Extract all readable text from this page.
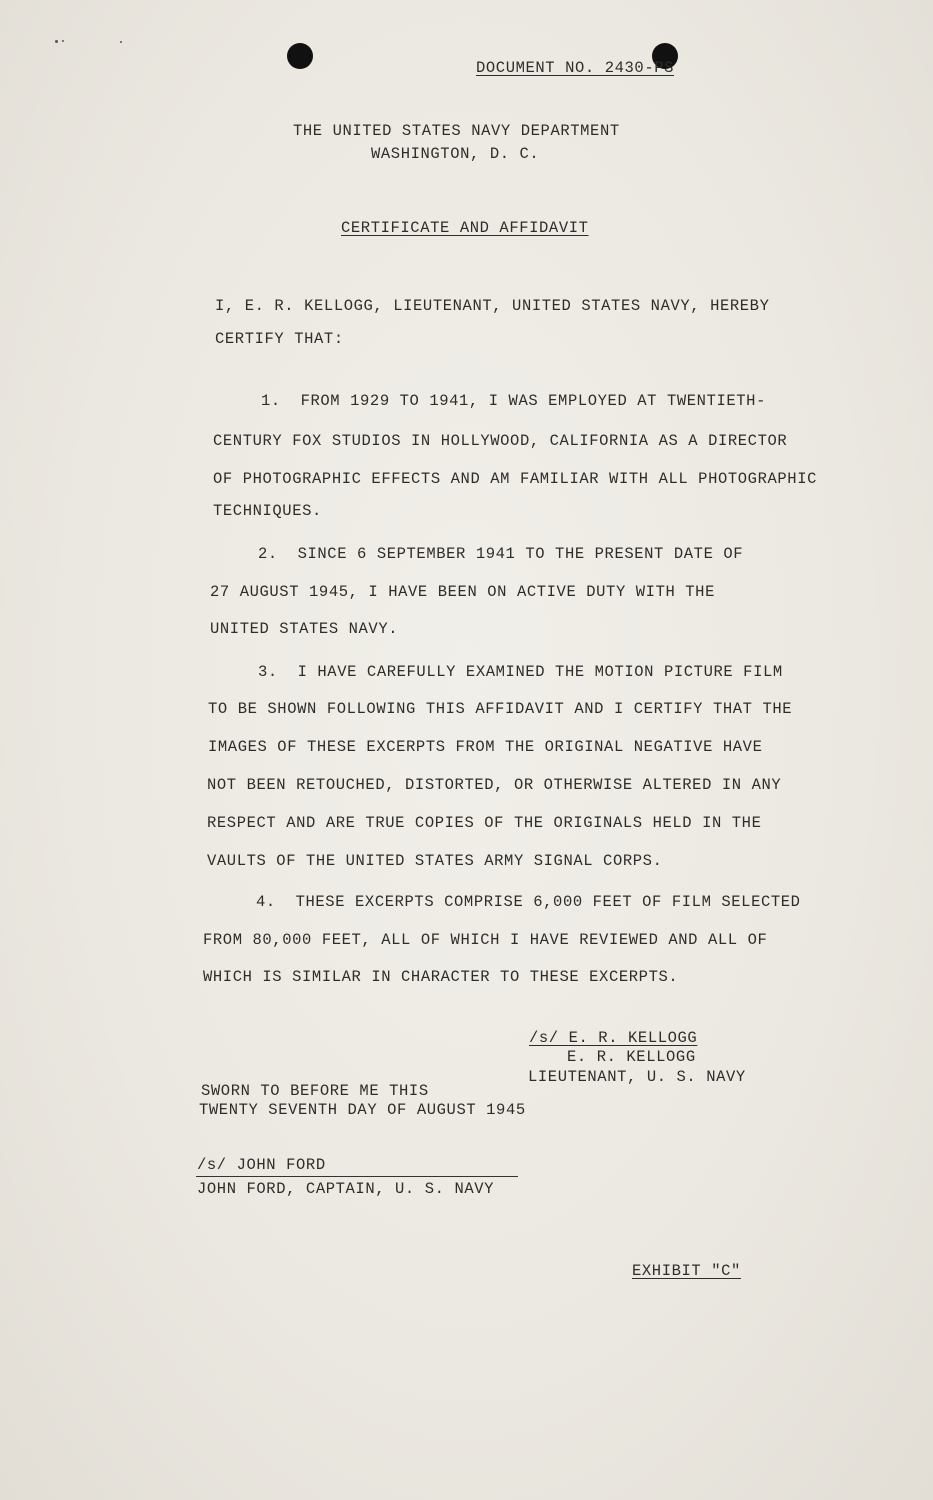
DOCUMENT NO. 2430-PS
THE UNITED STATES NAVY DEPARTMENT
WASHINGTON, D. C.
CERTIFICATE AND AFFIDAVIT
I, E. R. KELLOGG, LIEUTENANT, UNITED STATES NAVY, HEREBY
CERTIFY THAT:
1.  FROM 1929 TO 1941, I WAS EMPLOYED AT TWENTIETH-
CENTURY FOX STUDIOS IN HOLLYWOOD, CALIFORNIA AS A DIRECTOR
OF PHOTOGRAPHIC EFFECTS AND AM FAMILIAR WITH ALL PHOTOGRAPHIC
TECHNIQUES.
2.  SINCE 6 SEPTEMBER 1941 TO THE PRESENT DATE OF
27 AUGUST 1945, I HAVE BEEN ON ACTIVE DUTY WITH THE
UNITED STATES NAVY.
3.  I HAVE CAREFULLY EXAMINED THE MOTION PICTURE FILM
TO BE SHOWN FOLLOWING THIS AFFIDAVIT AND I CERTIFY THAT THE
IMAGES OF THESE EXCERPTS FROM THE ORIGINAL NEGATIVE HAVE
NOT BEEN RETOUCHED, DISTORTED, OR OTHERWISE ALTERED IN ANY
RESPECT AND ARE TRUE COPIES OF THE ORIGINALS HELD IN THE
VAULTS OF THE UNITED STATES ARMY SIGNAL CORPS.
4.  THESE EXCERPTS COMPRISE 6,000 FEET OF FILM SELECTED
FROM 80,000 FEET, ALL OF WHICH I HAVE REVIEWED AND ALL OF
WHICH IS SIMILAR IN CHARACTER TO THESE EXCERPTS.
/s/ E. R. KELLOGG
E. R. KELLOGG
LIEUTENANT, U. S. NAVY
SWORN TO BEFORE ME THIS
TWENTY SEVENTH DAY OF AUGUST 1945
/s/ JOHN FORD
JOHN FORD, CAPTAIN, U. S. NAVY
EXHIBIT "C"
